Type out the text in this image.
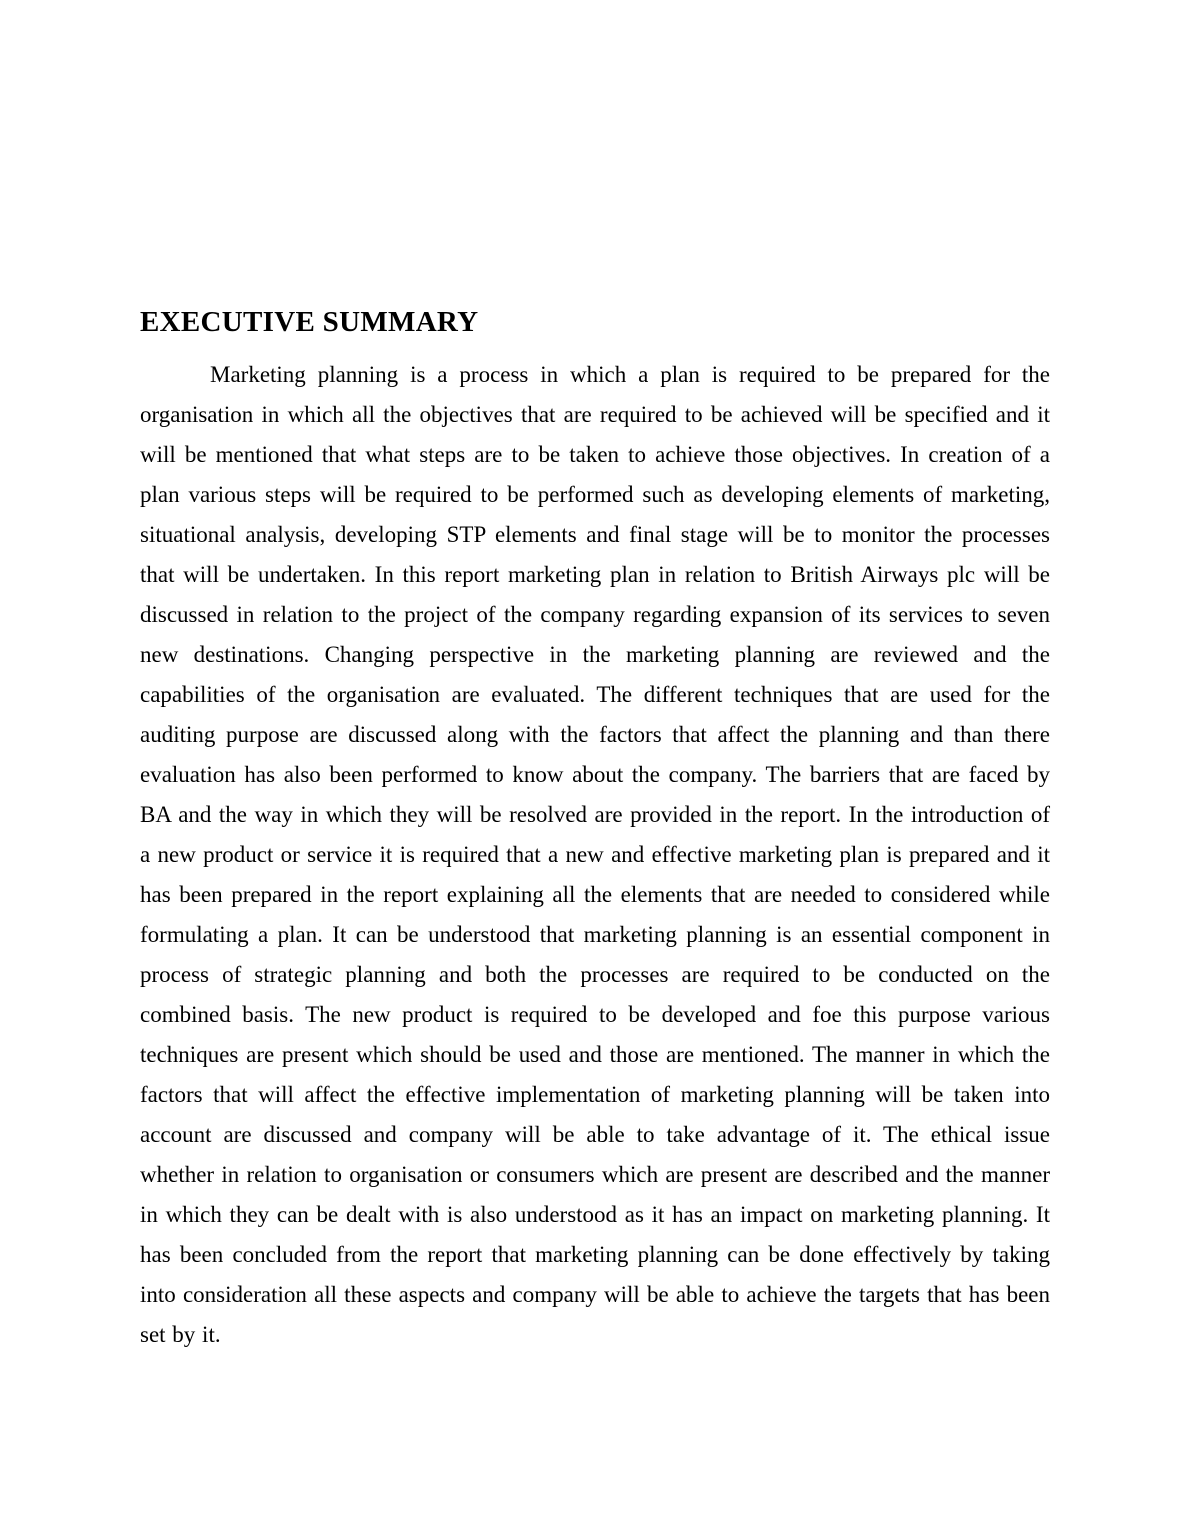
EXECUTIVE SUMMARY

Marketing planning is a process in which a plan is required to be prepared for the organisation in which all the objectives that are required to be achieved will be specified and it will be mentioned that what steps are to be taken to achieve those objectives. In creation of a plan various steps will be required to be performed such as developing elements of marketing, situational analysis, developing STP elements and final stage will be to monitor the processes that will be undertaken. In this report marketing plan in relation to British Airways plc will be discussed in relation to the project of the company regarding expansion of its services to seven new destinations. Changing perspective in the marketing planning are reviewed and the capabilities of the organisation are evaluated. The different techniques that are used for the auditing purpose are discussed along with the factors that affect the planning and than there evaluation has also been performed to know about the company. The barriers that are faced by BA and the way in which they will be resolved are provided in the report. In the introduction of a new product or service it is required that a new and effective marketing plan is prepared and it has been prepared in the report explaining all the elements that are needed to considered while formulating a plan. It can be understood that marketing planning is an essential component in process of strategic planning and both the processes are required to be conducted on the combined basis. The new product is required to be developed and foe this purpose various techniques are present which should be used and those are mentioned. The manner in which the factors that will affect the effective implementation of marketing planning will be taken into account are discussed and company will be able to take advantage of it. The ethical issue whether in relation to organisation or consumers which are present are described and the manner in which they can be dealt with is also understood as it has an impact on marketing planning. It has been concluded from the report that marketing planning can be done effectively by taking into consideration all these aspects and company will be able to achieve the targets that has been set by it.
